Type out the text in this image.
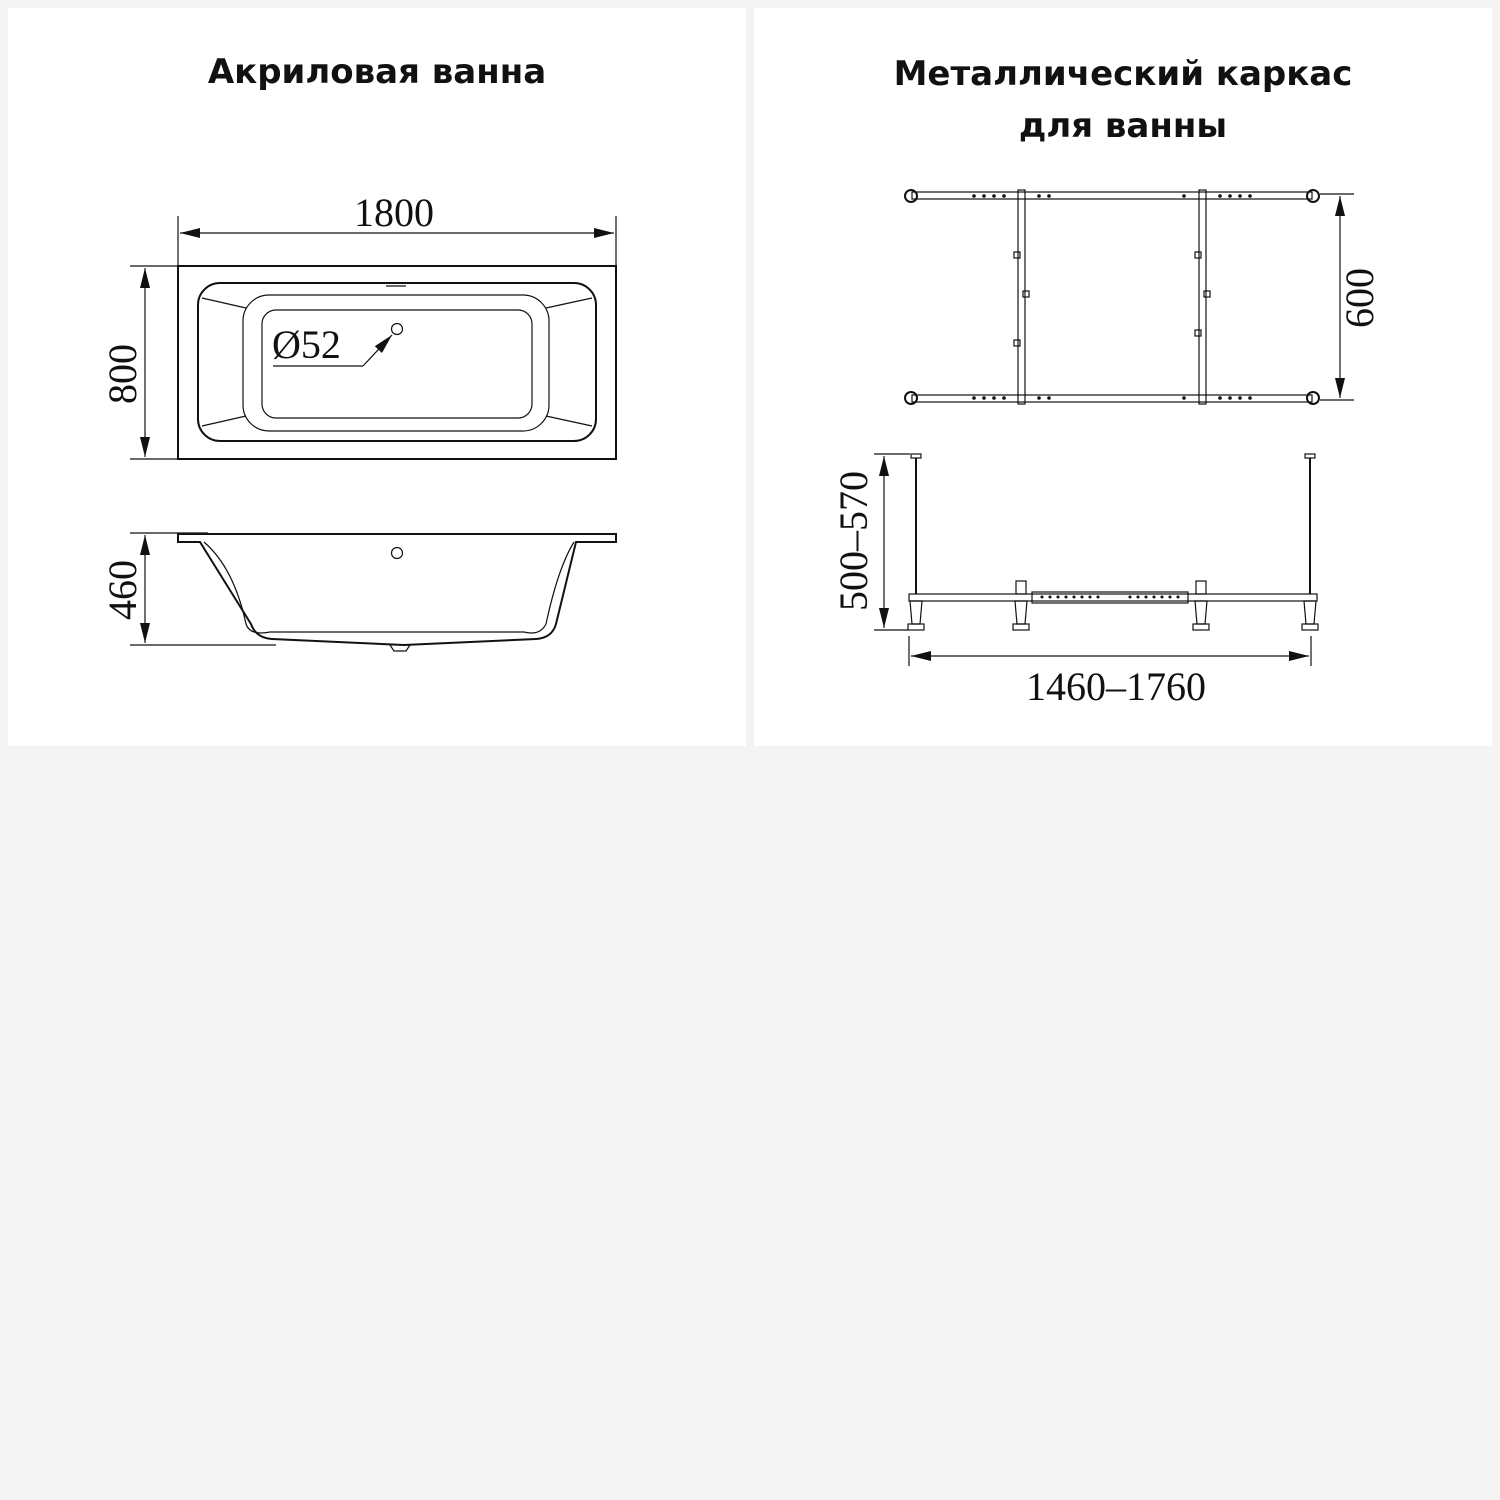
Акриловая ванна
1800
800	Ø52
460
Металлический каркас
для ванны
600
500–570
1460–1760
